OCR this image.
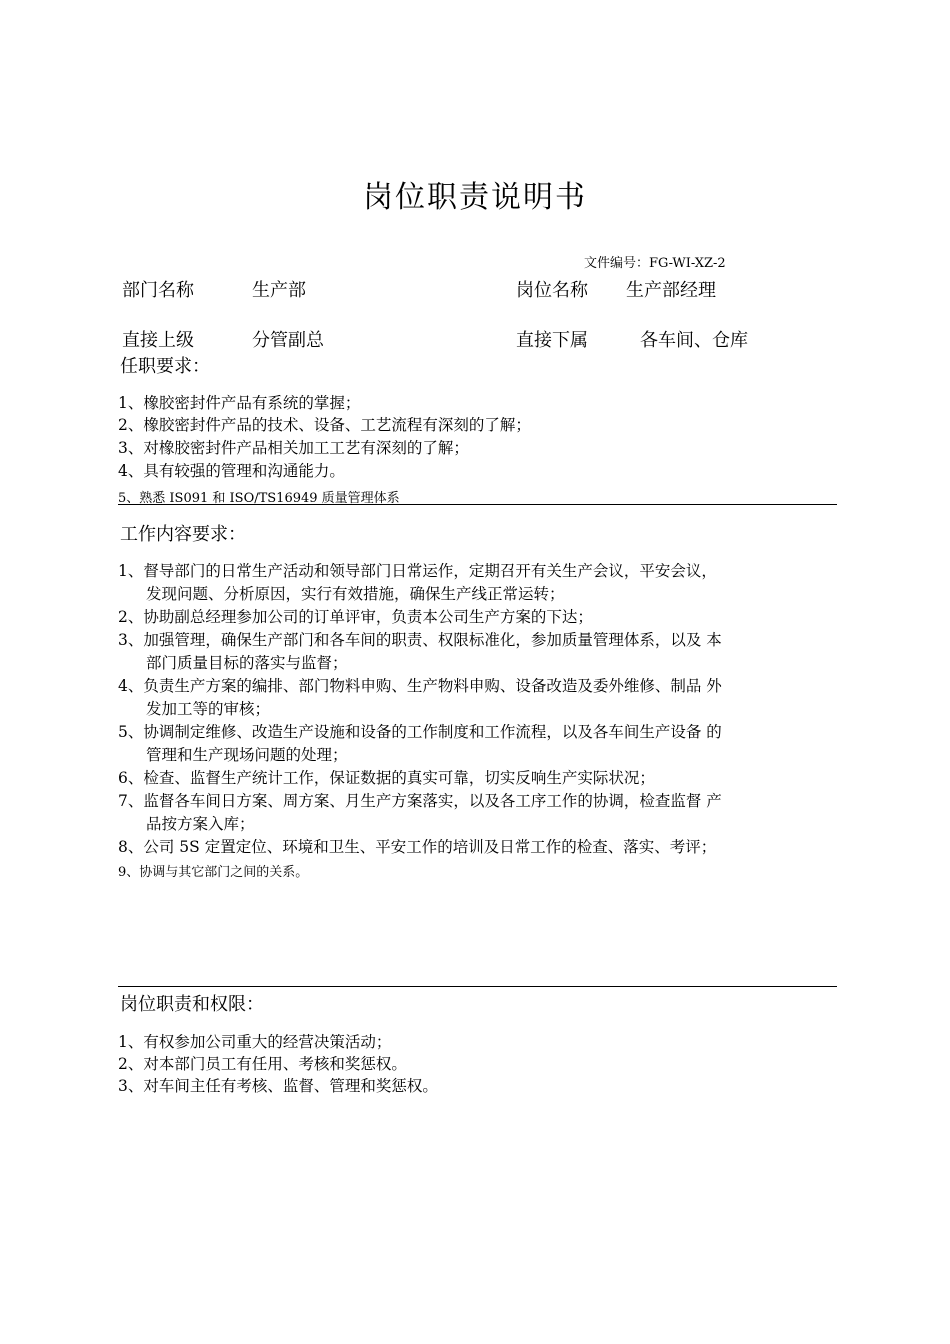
岗位职责说明书
文件编号：FG-WI-XZ-2
部门名称	生产部	岗位名称 生产部经理
直接上级	分管副总	直接下属	各车间、仓库
任职要求：
1、橡胶密封件产品有系统的掌握；
2、橡胶密封件产品的技术、设备、工艺流程有深刻的了解；
3、对橡胶密封件产品相关加工工艺有深刻的了解；
4、具有较强的管理和沟通能力。
5、熟悉 IS091 和 ISO/TS16949 质量管理体系
工作内容要求：
1、督导部门的日常生产活动和领导部门日常运作，定期召开有关生产会议，平安会议，
发现问题、分析原因，实行有效措施，确保生产线正常运转；
2、协助副总经理参加公司的订单评审，负责本公司生产方案的下达；
3、加强管理，确保生产部门和各车间的职责、权限标准化，参加质量管理体系，以及 本
部门质量目标的落实与监督；
4、负责生产方案的编排、部门物料申购、生产物料申购、设备改造及委外维修、制品 外
发加工等的审核；
5、协调制定维修、改造生产设施和设备的工作制度和工作流程，以及各车间生产设备 的
管理和生产现场问题的处理；
6、检查、监督生产统计工作，保证数据的真实可靠，切实反响生产实际状况；
7、监督各车间日方案、周方案、月生产方案落实，以及各工序工作的协调，检查监督 产
品按方案入库；
8、公司 5S 定置定位、环境和卫生、平安工作的培训及日常工作的检查、落实、考评；
9、协调与其它部门之间的关系。
岗位职责和权限：
1、有权参加公司重大的经营决策活动；
2、对本部门员工有任用、考核和奖惩权。
3、对车间主任有考核、监督、管理和奖惩权。
